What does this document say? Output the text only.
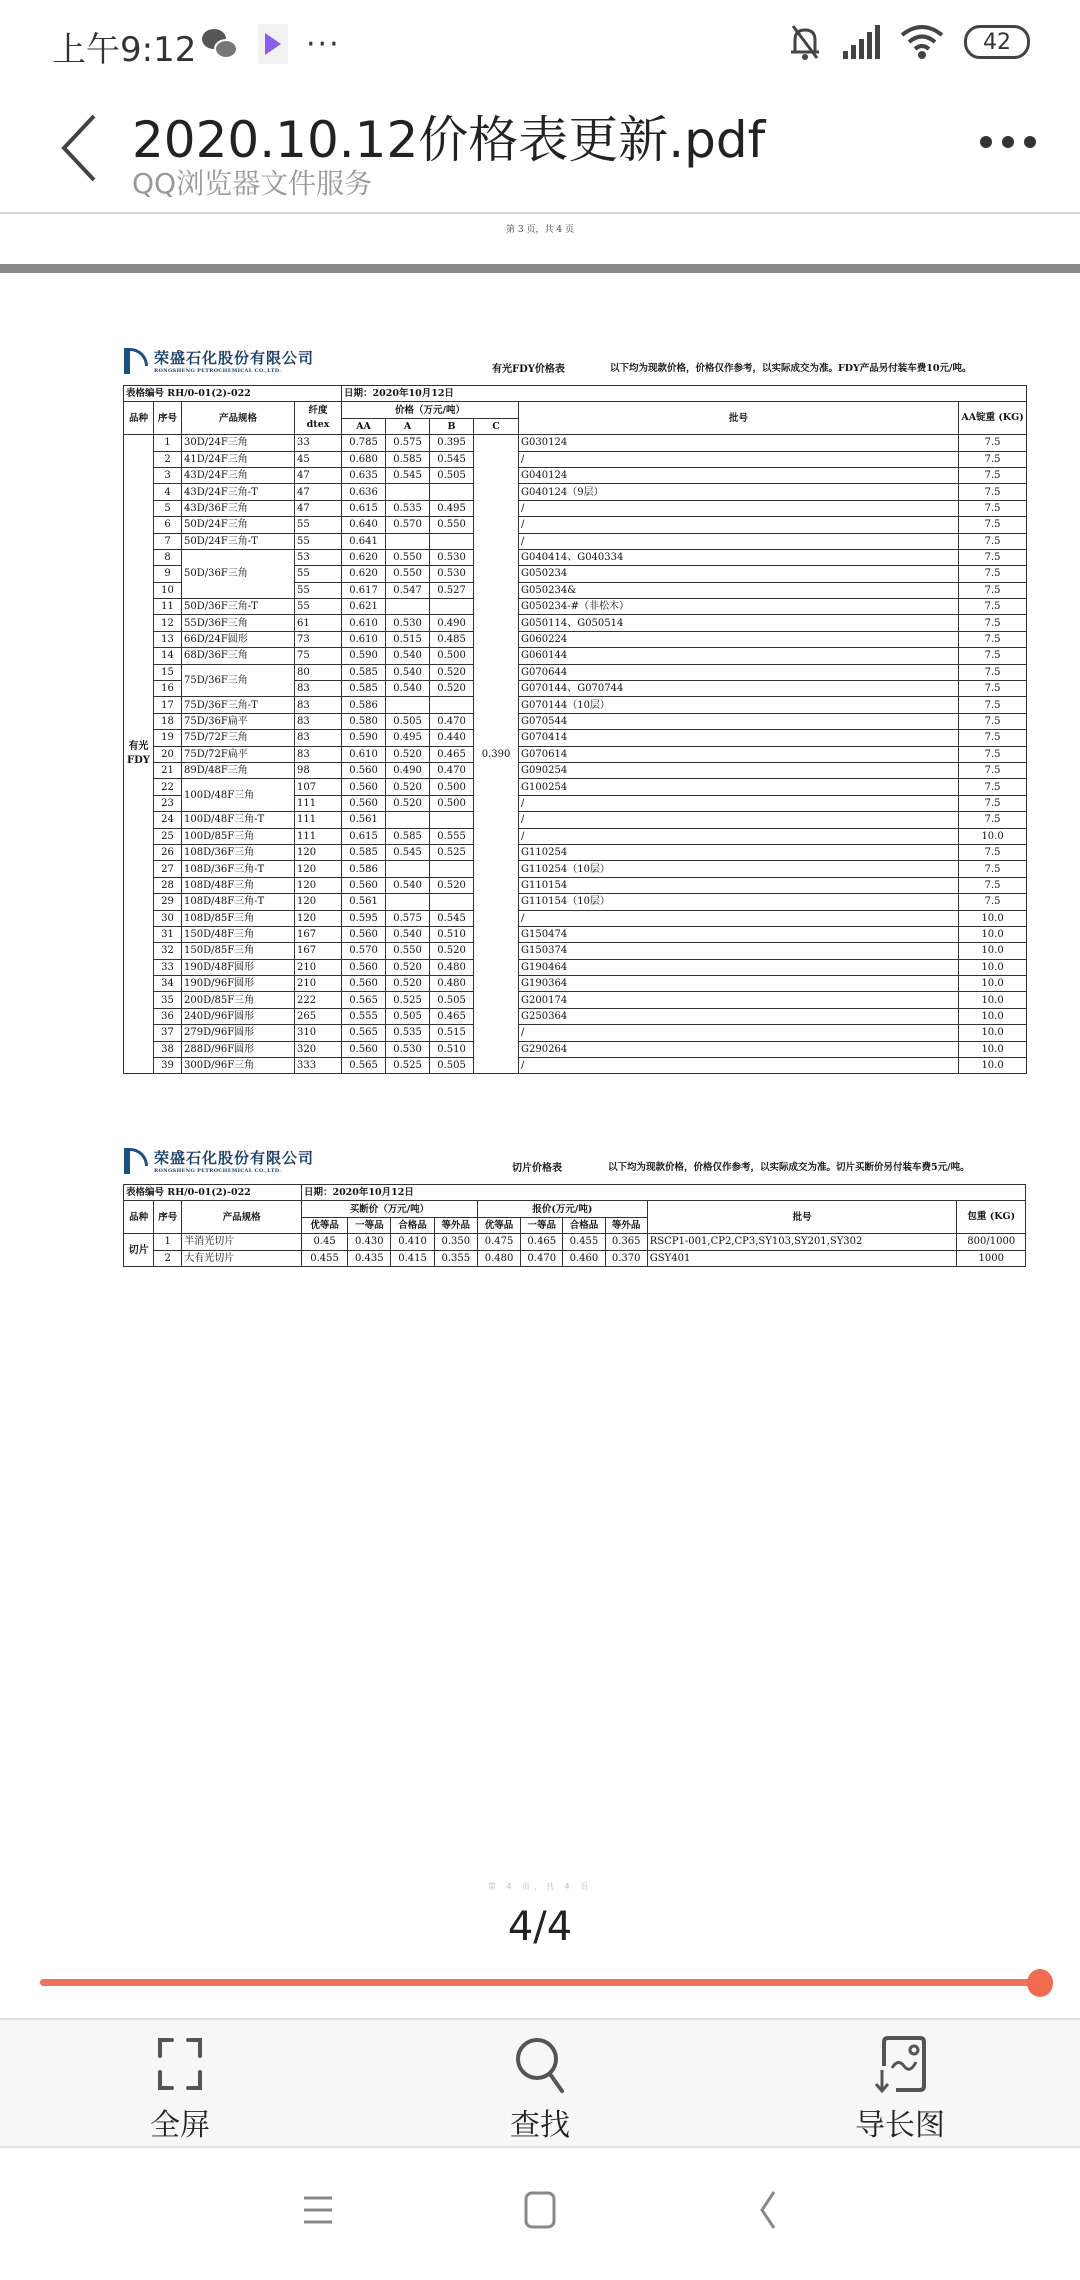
上午9:12	···	42
2020.10.12价格表更新.pdf
QQ浏览器文件服务
第 3 页，共 4 页
荣盛石化股份有限公司
RONGSHENG PETROCHEMICAL CO.,LTD.	有光FDY价格表	以下均为现款价格，价格仅作参考，以实际成交为准。FDY产品另付装车费10元/吨。
表格编号 RH/0-01(2)-022				日期：2020年10月12日					
品种	序号	产品规格	纤度 dtex	价格（万元/吨）				批号	AA锭重 (KG)
				AA	A	B	C		
有光 FDY	1	30D/24F三角	33	0.785	0.575	0.395	0.390	G030124	7.5
	2	41D/24F三角	45	0.680	0.585	0.545		/	7.5
	3	43D/24F三角	47	0.635	0.545	0.505		G040124	7.5
	4	43D/24F三角-T	47	0.636				G040124（9层）	7.5
	5	43D/36F三角	47	0.615	0.535	0.495		/	7.5
	6	50D/24F三角	55	0.640	0.570	0.550		/	7.5
	7	50D/24F三角-T	55	0.641				/	7.5
	8	50D/36F三角	53	0.620	0.550	0.530		G040414、G040334	7.5
	9		55	0.620	0.550	0.530		G050234	7.5
	10		55	0.617	0.547	0.527		G050234&	7.5
	11	50D/36F三角-T	55	0.621				G050234-#（非松木）	7.5
	12	55D/36F三角	61	0.610	0.530	0.490		G050114、G050514	7.5
	13	66D/24F圆形	73	0.610	0.515	0.485		G060224	7.5
	14	68D/36F三角	75	0.590	0.540	0.500		G060144	7.5
	15	75D/36F三角	80	0.585	0.540	0.520		G070644	7.5
	16		83	0.585	0.540	0.520		G070144、G070744	7.5
	17	75D/36F三角-T	83	0.586				G070144（10层）	7.5
	18	75D/36F扁平	83	0.580	0.505	0.470		G070544	7.5
	19	75D/72F三角	83	0.590	0.495	0.440		G070414	7.5
	20	75D/72F扁平	83	0.610	0.520	0.465		G070614	7.5
	21	89D/48F三角	98	0.560	0.490	0.470		G090254	7.5
	22	100D/48F三角	107	0.560	0.520	0.500		G100254	7.5
	23		111	0.560	0.520	0.500		/	7.5
	24	100D/48F三角-T	111	0.561				/	7.5
	25	100D/85F三角	111	0.615	0.585	0.555		/	10.0
	26	108D/36F三角	120	0.585	0.545	0.525		G110254	7.5
	27	108D/36F三角-T	120	0.586				G110254（10层）	7.5
	28	108D/48F三角	120	0.560	0.540	0.520		G110154	7.5
	29	108D/48F三角-T	120	0.561				G110154（10层）	7.5
	30	108D/85F三角	120	0.595	0.575	0.545		/	10.0
	31	150D/48F三角	167	0.560	0.540	0.510		G150474	10.0
	32	150D/85F三角	167	0.570	0.550	0.520		G150374	10.0
	33	190D/48F圆形	210	0.560	0.520	0.480		G190464	10.0
	34	190D/96F圆形	210	0.560	0.520	0.480		G190364	10.0
	35	200D/85F三角	222	0.565	0.525	0.505		G200174	10.0
	36	240D/96F圆形	265	0.555	0.505	0.465		G250364	10.0
	37	279D/96F圆形	310	0.565	0.535	0.515		/	10.0
	38	288D/96F圆形	320	0.560	0.530	0.510		G290264	10.0
	39	300D/96F三角	333	0.565	0.525	0.505		/	10.0
荣盛石化股份有限公司
RONGSHENG PETROCHEMICAL CO.,LTD.	切片价格表	以下均为现款价格，价格仅作参考，以实际成交为准。切片买断价另付装车费5元/吨。
表格编号 RH/0-01(2)-022			日期：2020年10月12日									
品种	序号	产品规格	买断价（万元/吨）				报价(万元/吨)				批号	包重 (KG)
			优等品	一等品	合格品	等外品	优等品	一等品	合格品	等外品		
切片	1	半消光切片	0.45	0.430	0.410	0.350	0.475	0.465	0.455	0.365	RSCP1-001,CP2,CP3,SY103,SY201,SY302	800/1000
	2	大有光切片	0.455	0.435	0.415	0.355	0.480	0.470	0.460	0.370	GSY401	1000
第 4 页，共 4 页
4/4
全屏	查找	导长图
